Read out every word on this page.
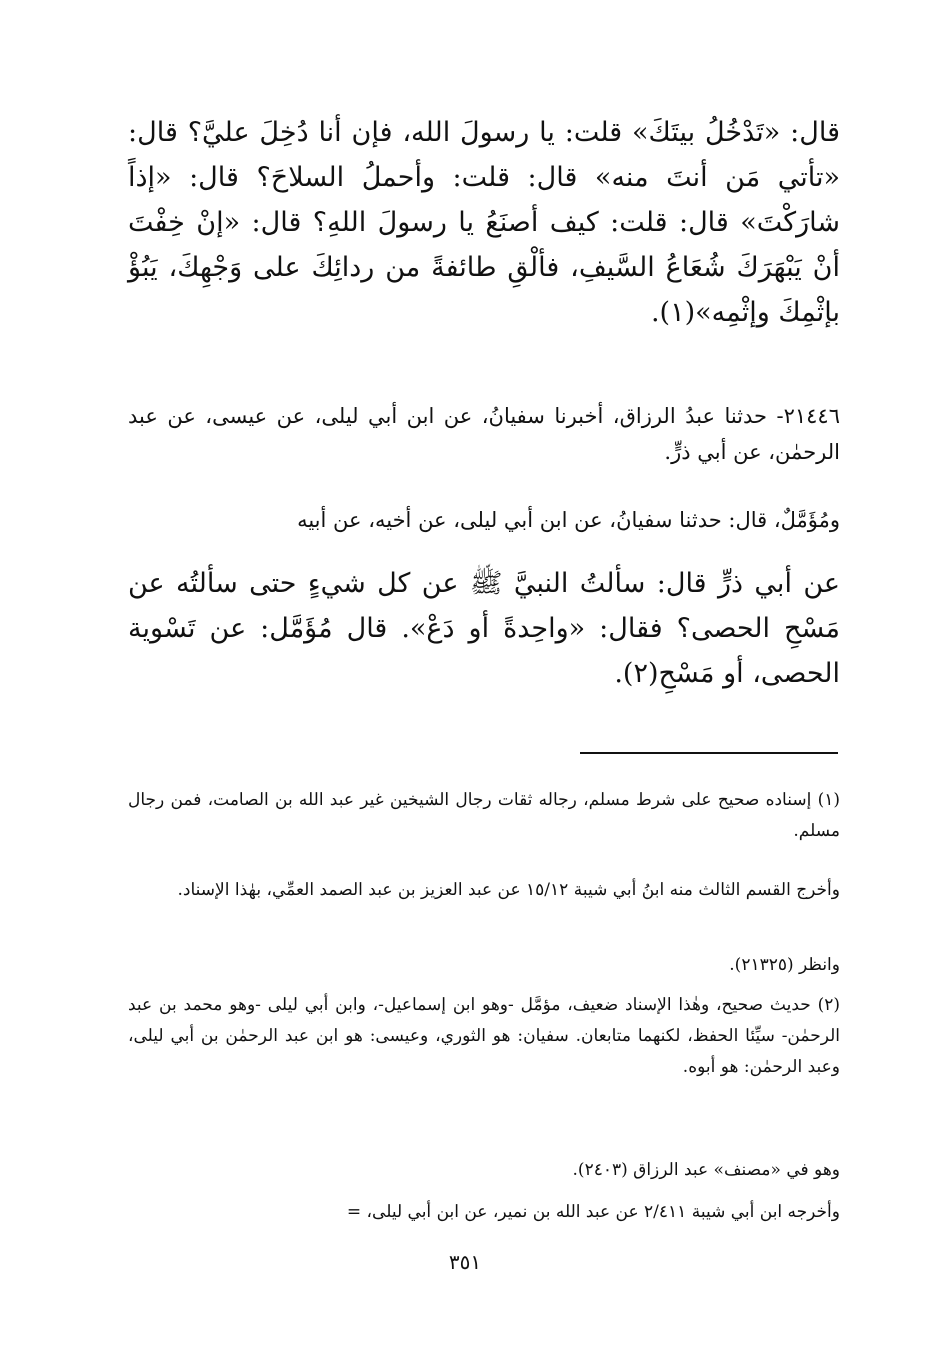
قال: «تَدْخُلُ بيتَكَ» قلت: يا رسولَ الله، فإن أنا دُخِلَ عليَّ؟ قال: «تأتي مَن أنتَ منه» قال: قلت: وأحملُ السلاحَ؟ قال: «إذاً شارَكْتَ» قال: قلت: كيف أصنَعُ يا رسولَ اللهِ؟ قال: «إنْ خِفْتَ أنْ يَبْهَرَكَ شُعَاعُ السَّيفِ، فألْقِ طائفةً من ردائِكَ على وَجْهِكَ، يَبُؤْ بإثْمِكَ وإثْمِه»(١).

٢١٤٤٦- حدثنا عبدُ الرزاق، أخبرنا سفيانُ، عن ابن أبي ليلى، عن عيسى، عن عبد الرحمٰن، عن أبي ذرٍّ.

ومُؤَمَّلٌ، قال: حدثنا سفيانُ، عن ابن أبي ليلى، عن أخيه، عن أبيه

عن أبي ذرٍّ قال: سألتُ النبيَّ ﷺ عن كل شيءٍ حتى سألتُه عن مَسْحِ الحصى؟ فقال: «واحِدةً أو دَعْ». قال مُؤَمَّل: عن تَسْوية الحصى، أو مَسْحِ(٢).

(١) إسناده صحيح على شرط مسلم، رجاله ثقات رجال الشيخين غير عبد الله بن الصامت، فمن رجال مسلم.

وأخرج القسم الثالث منه ابنُ أبي شيبة ١٥/١٢ عن عبد العزيز بن عبد الصمد العمِّي، بهٰذا الإسناد.

وانظر (٢١٣٢٥).

(٢) حديث صحيح، وهٰذا الإسناد ضعيف، مؤمَّل -وهو ابن إسماعيل-، وابن أبي ليلى -وهو محمد بن عبد الرحمٰن- سيِّئا الحفظ، لكنهما متابعان. سفيان: هو الثوري، وعيسى: هو ابن عبد الرحمٰن بن أبي ليلى، وعبد الرحمٰن: هو أبوه.

وهو في «مصنف» عبد الرزاق (٢٤٠٣).

وأخرجه ابن أبي شيبة ٢/٤١١ عن عبد الله بن نمير، عن ابن أبي ليلى، =

٣٥١
